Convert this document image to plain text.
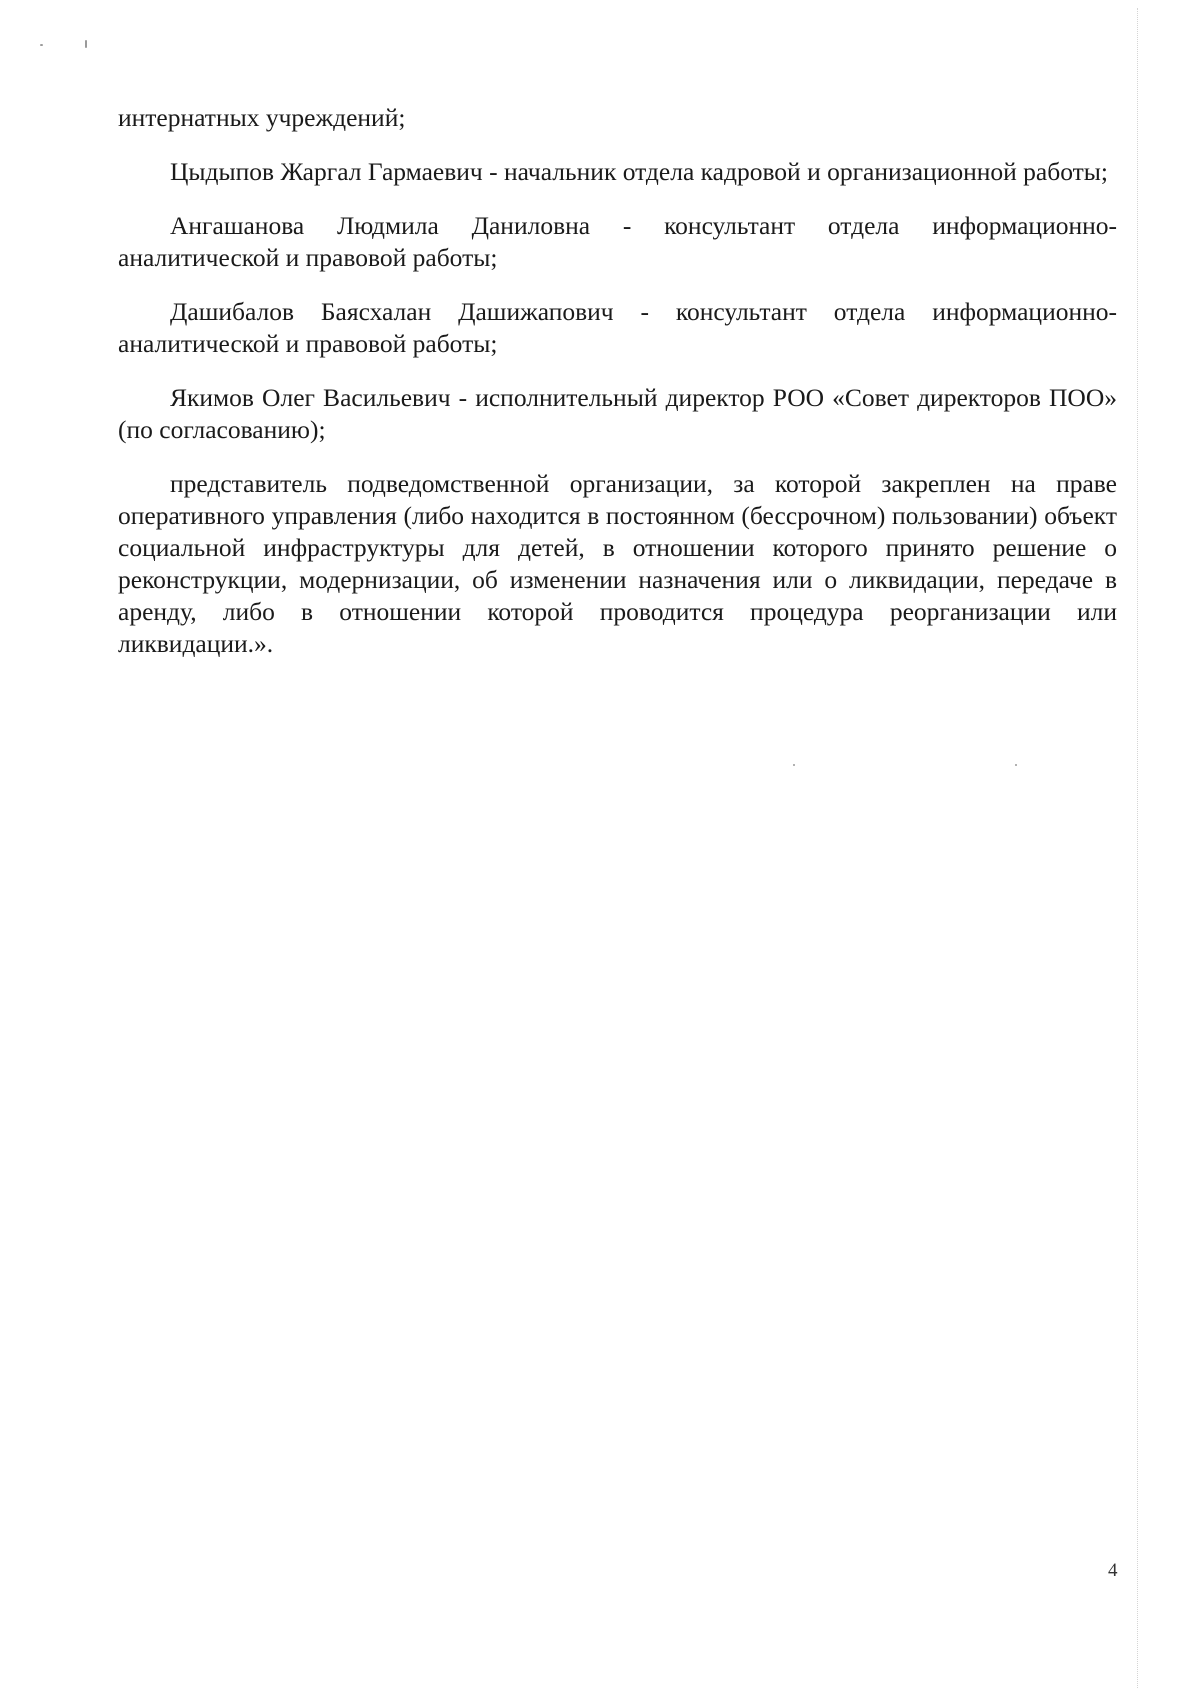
интернатных учреждений;

Цыдыпов Жаргал Гармаевич - начальник отдела кадровой и организационной работы;

Ангашанова Людмила Даниловна - консультант отдела информационно-аналитической и правовой работы;

Дашибалов Баясхалан Дашижапович - консультант отдела информационно-аналитической и правовой работы;

Якимов Олег Васильевич - исполнительный директор РОО «Совет директоров ПОО» (по согласованию);

представитель подведомственной организации, за которой закреплен на праве оперативного управления (либо находится в постоянном (бессрочном) пользовании) объект социальной инфраструктуры для детей, в отношении которого принято решение о реконструкции, модернизации, об изменении назначения или о ликвидации, передаче в аренду, либо в отношении которой проводится процедура реорганизации или ликвидации.».

4
